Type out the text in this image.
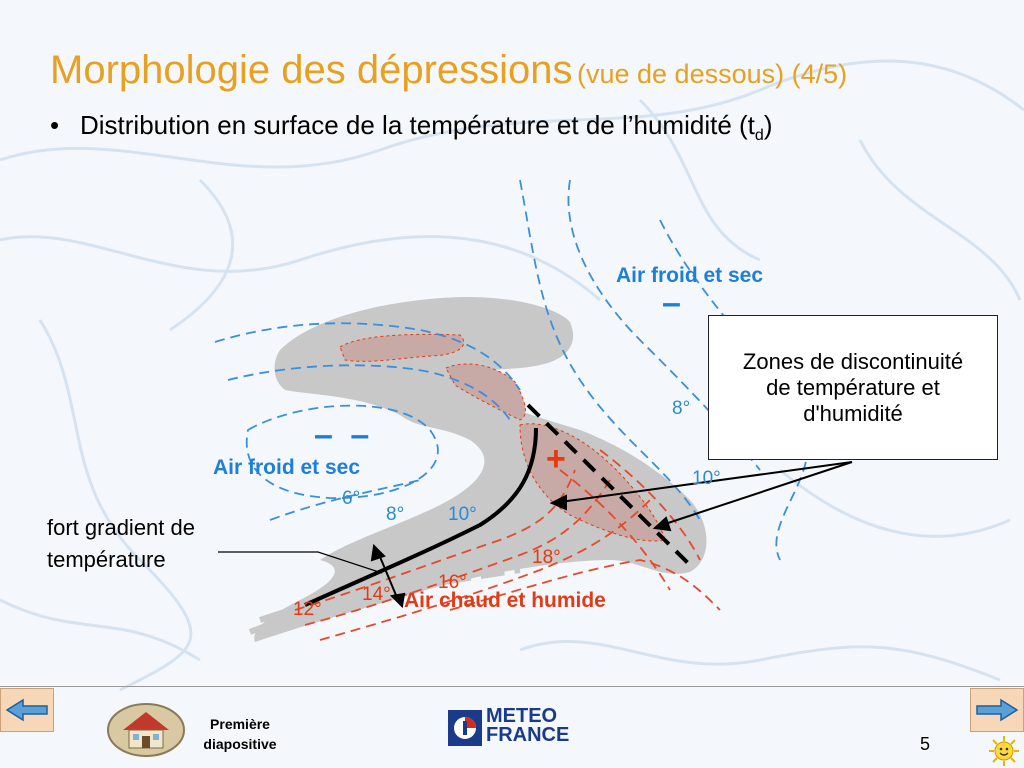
Morphologie des dépressions (vue de dessous) (4/5)
• Distribution en surface de la température et de l’humidité $(t_d)$
Air froid et sec
–
– –
Air froid et sec	+
Air chaud et humide
6°
8° 10°
8°
10°
12°
14°
16°
18°
Zones de discontinuité de température et d'humidité
fort gradient de
température
Première
diapositive
METEO
FRANCE	5
